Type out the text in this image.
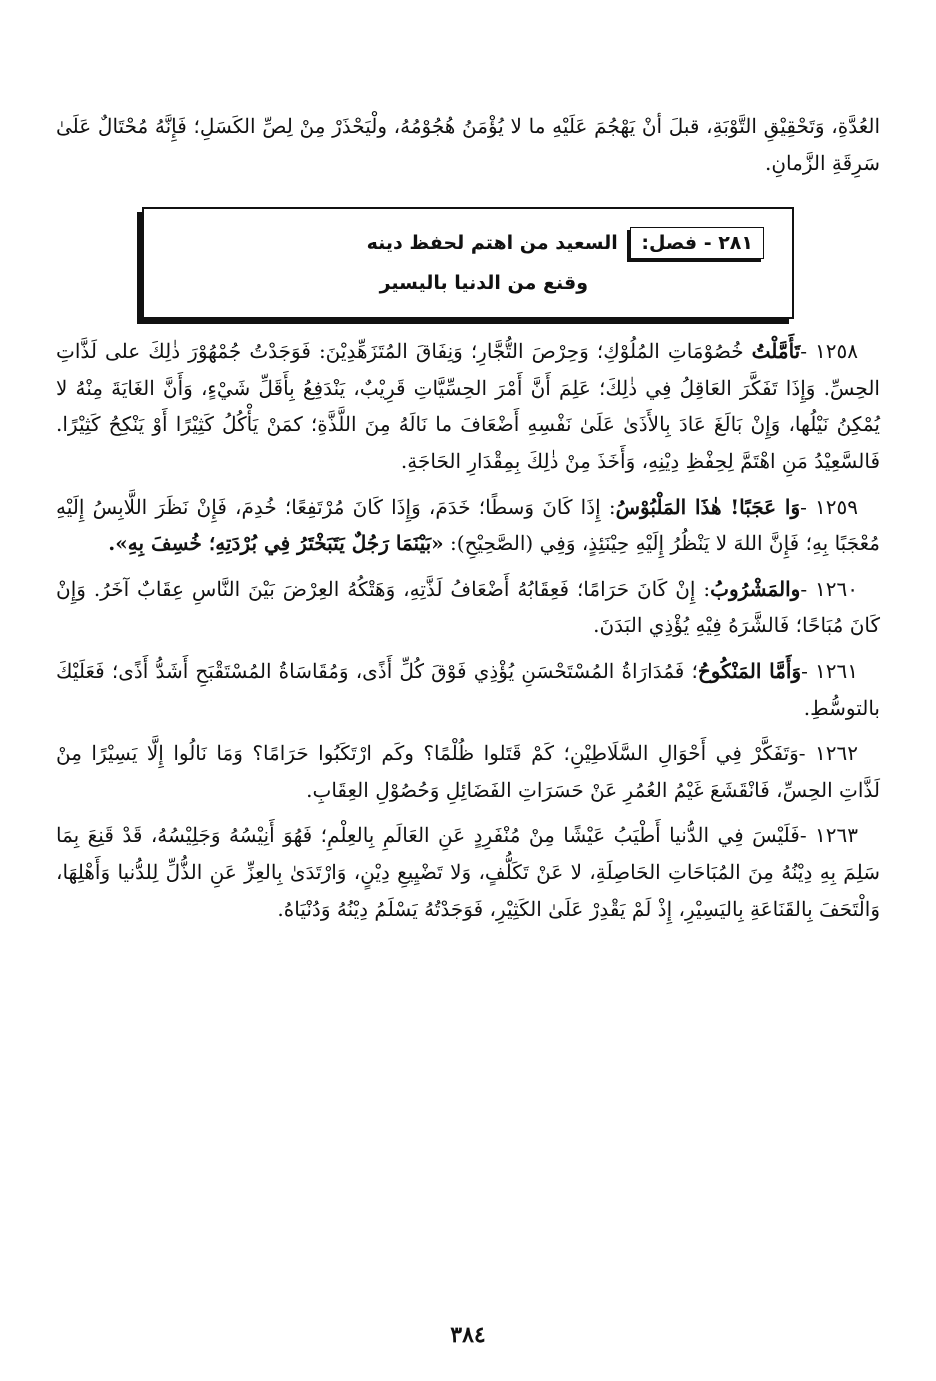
العُدَّةِ، وَتَحْقِيْقِ التَّوْبَةِ، قبلَ أنْ يَهْجُمَ عَلَيْهِ ما لا يُؤْمَنُ هُجُوْمُهُ، ولْيَحْذَرْ مِنْ لِصِّ الكَسَلِ؛ فَإِنَّهُ مُحْتَالٌ عَلَىٰ سَرِقَةِ الزَّمانِ.

٢٨١ - فصل: السعيد من اهتم لحفظ دينه
وقنع من الدنيا باليسير

١٢٥٨ -تَأَمَّلْتُ خُصُوْمَاتِ المُلُوْكِ؛ وَحِرْصَ التُّجَّارِ؛ وَنِفَاقَ المُتَزَهِّدِيْنَ: فَوَجَدْتُ جُمْهُوْرَ ذٰلِكَ على لَذَّاتِ الحِسِّ. وَإِذَا تَفَكَّرَ العَاقِلُ فِي ذٰلِكَ؛ عَلِمَ أَنَّ أَمْرَ الحِسِّيَّاتِ قَرِيْبٌ، يَنْدَفِعُ بِأَقَلِّ شَيْءٍ، وَأَنَّ الغَايَةَ مِنْهُ لا يُمْكِنُ نَيْلُها، وَإِنْ بَالَغَ عَادَ بِالأَذَىٰ عَلَىٰ نَفْسِهِ أَضْعَافَ ما نَالَهُ مِنَ اللَّذَّةِ؛ كمَنْ يَأْكُلُ كَثِيْرًا أَوْ يَنْكِحُ كَثِيْرًا. فَالسَّعِيْدُ مَنِ اهْتَمَّ لِحِفْظِ دِيْنِهِ، وَأَخَذَ مِنْ ذٰلِكَ بِمِقْدَارِ الحَاجَةِ.

١٢٥٩ -وَا عَجَبًا! هٰذَا المَلْبُوْسُ: إِذَا كَانَ وَسطًا؛ خَدَمَ، وَإِذَا كَانَ مُرْتَفِعًا؛ خُدِمَ، فَإِنْ نَظَرَ اللَّابِسُ إِلَيْهِ مُعْجَبًا بِهِ؛ فَإِنَّ اللهَ لا يَنْظُرُ إِلَيْهِ حِيْنَئِذٍ، وَفِي (الصَّحِيْحِ): «بَيْنَمَا رَجُلٌ يَتَبَخْتَرُ فِي بُرْدَتِهِ؛ خُسِفَ بِهِ».

١٢٦٠ -والمَشْرُوبُ: إِنْ كَانَ حَرَامًا؛ فَعِقَابُهُ أَضْعَافُ لَذَّتِهِ، وَهَتْكُهُ العِرْضَ بَيْنَ النَّاسِ عِقَابٌ آخَرُ. وَإِنْ كَانَ مُبَاحًا؛ فَالشَّرَهُ فِيْهِ يُؤْذِي البَدَنَ.

١٢٦١ -وَأَمَّا المَنْكُوحُ؛ فَمُدَارَاةُ المُسْتَحْسَنِ يُؤْذِي فَوْقَ كُلِّ أَذًى، وَمُقَاسَاةُ المُسْتَقْبَحِ أَشَدُّ أَذًى؛ فَعَلَيْكَ بالتوسُّطِ.

١٢٦٢ -وَتَفَكَّرْ فِي أَحْوَالِ السَّلَاطِيْنِ؛ كَمْ قَتَلوا ظُلْمًا؟ وكَم ارْتَكَبُوا حَرَامًا؟ وَمَا نَالُوا إِلَّا يَسِيْرًا مِنْ لَذَّاتِ الحِسِّ، فَانْقَشَعَ غَيْمُ العُمُرِ عَنْ حَسَرَاتِ الفَضَائِلِ وَحُصُوْلِ العِقَابِ.

١٢٦٣ -فَلَيْسَ فِي الدُّنيا أَطْيَبُ عَيْشًا مِنْ مُنْفَرِدٍ عَنِ العَالَمِ بِالعِلْمِ؛ فَهُوَ أَنِيْسُهُ وَجَلِيْسُهُ، قَدْ قَنِعَ بِمَا سَلِمَ بِهِ دِيْنُهُ مِنَ المُبَاحَاتِ الحَاصِلَةِ، لا عَنْ تَكَلُّفٍ، وَلا تَضْيِيعِ دِيْنٍ، وَارْتَدَىٰ بِالعِزِّ عَنِ الذُّلِّ لِلدُّنيا وَأَهْلِهَا، وَالْتَحَفَ بِالقَنَاعَةِ بِاليَسِيْرِ، إِذْ لَمْ يَقْدِرْ عَلَىٰ الكَثِيْرِ، فَوَجَدْتُهُ يَسْلَمُ دِيْنُهُ وَدُنْيَاهُ.

٣٨٤
